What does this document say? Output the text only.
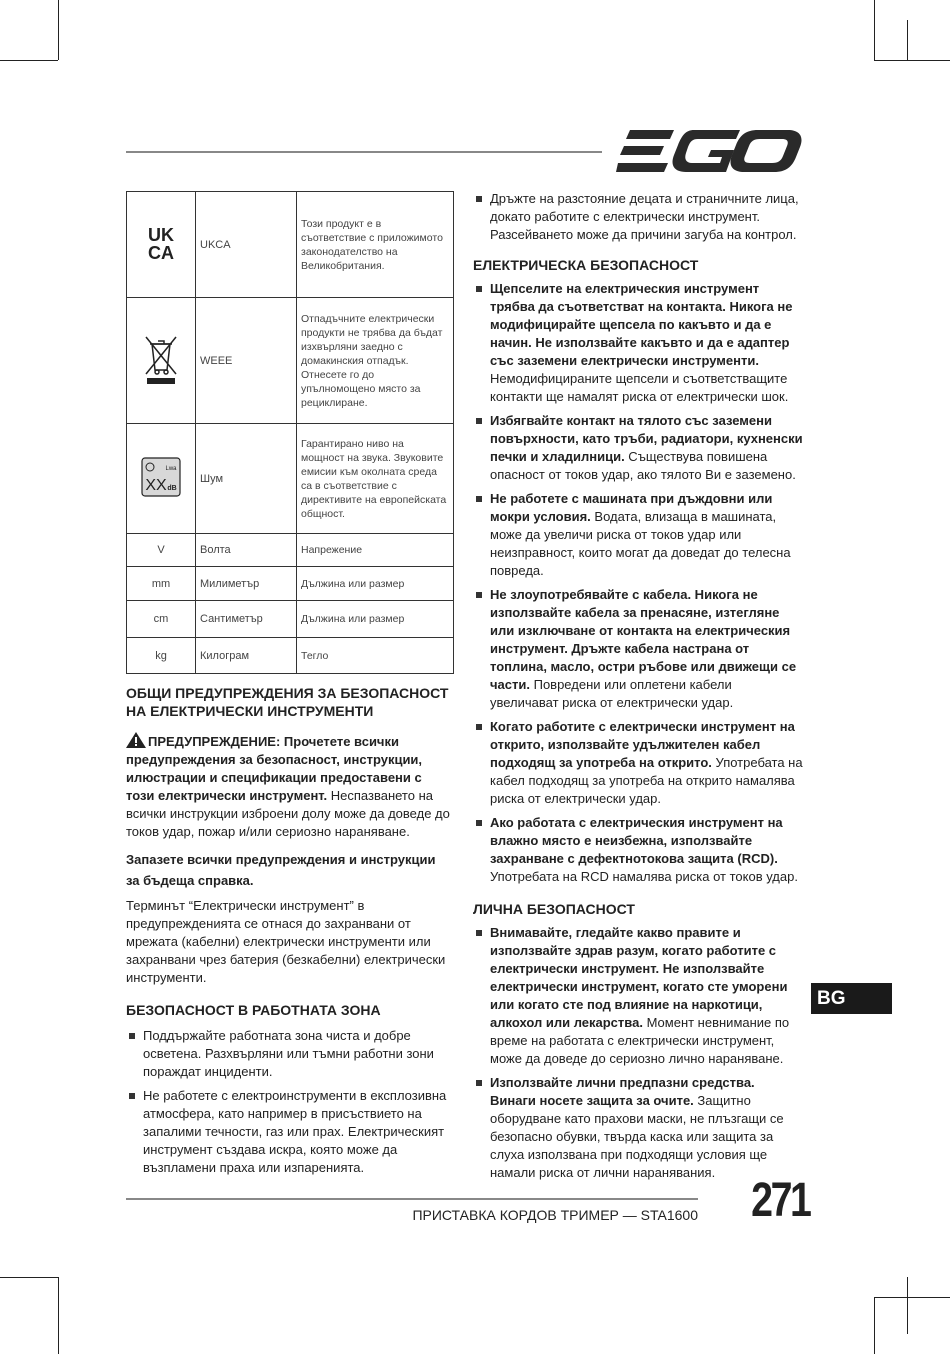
UK
CA	UKCA	Този продукт е в съответствие с приложимото законодателство на Великобритания.
	WEEE	Отпадъчните електрически продукти не трябва да бъдат изхвърляни заедно с домакинския отпадък. Отнесете го до упълномощено място за рециклиране.

Lwa
XX dB	Шум	Гарантирано ниво на мощност на звука. Звуковите емисии към околната среда са в съответствие с директивите на европейската общност.
V	Волта	Напрежение
mm	Милиметър	Дължина или размер
cm	Сантиметър	Дължина или размер
kg	Килограм	Тегло

ОБЩИ ПРЕДУПРЕЖДЕНИЯ ЗА БЕЗОПАСНОСТ НА ЕЛЕКТРИЧЕСКИ ИНСТРУМЕНТИ

ПРЕДУПРЕЖДЕНИЕ: Прочетете всички предупреждения за безопасност, инструкции, илюстрации и спецификации предоставени с този електрически инструмент. Неспазването на всички инструкции изброени долу може да доведе до токов удар, пожар и/или сериозно нараняване.

Запазете всички предупреждения и инструкции за бъдеща справка.

Терминът “Електрически инструмент” в предупрежденията се отнася до захранвани от мрежата (кабелни) електрически инструменти или захранвани чрез батерия (безкабелни) електрически инструменти.

БЕЗОПАСНОСТ В РАБОТНАТА ЗОНА

Поддържайте работната зона чиста и добре осветена. Разхвърляни или тъмни работни зони пораждат инциденти.
Не работете с електроинструменти в експлозивна атмосфера, като например в присъствието на запалими течности, газ или прах. Електрическият инструмент създава искра, която може да възпламени праха или изпаренията.
Дръжте на разстояние децата и страничните лица, докато работите с електрически инструмент. Разсейването може да причини загуба на контрол.

ЕЛЕКТРИЧЕСКА БЕЗОПАСНОСТ

Щепселите на електрическия инструмент трябва да съответстват на контакта. Никога не модифицирайте щепсела по какъвто и да е начин. Не използвайте какъвто и да е адаптер със заземени електрически инструменти. Немодифицираните щепсели и съответстващите контакти ще намалят риска от електрически шок.
Избягвайте контакт на тялото със заземени повърхности, като тръби, радиатори, кухненски печки и хладилници. Съществува повишена опасност от токов удар, ако тялото Ви е заземено.
Не работете с машината при дъждовни или мокри условия. Водата, влизаща в машината, може да увеличи риска от токов удар или неизправност, които могат да доведат до телесна повреда.
Не злоупотребявайте с кабела. Никога не използвайте кабела за пренасяне, изтегляне или изключване от контакта на електрическия инструмент. Дръжте кабела настрана от топлина, масло, остри ръбове или движещи се части. Повредени или оплетени кабели увеличават риска от електрически удар.
Когато работите с електрически инструмент на открито, използвайте удължителен кабел подходящ за употреба на открито. Употребата на кабел подходящ за употреба на открито намалява риска от електрически удар.
Ако работата с електрическия инструмент на влажно място е неизбежна, използвайте захранване с дефектнотокова защита (RCD). Употребата на RCD намалява риска от токов удар.

ЛИЧНА БЕЗОПАСНОСТ

Внимавайте, гледайте какво правите и използвайте здрав разум, когато работите с електрически инструмент. Не използвайте електрически инструмент, когато сте уморени или когато сте под влияние на наркотици, алкохол или лекарства. Момент невнимание по време на работата с електрически инструмент, може да доведе до сериозно лично нараняване.
Използвайте лични предпазни средства. Винаги носете защита за очите. Защитно оборудване като прахови маски, не плъзгащи се безопасно обувки, твърда каска или защита за слуха използвана при подходящи условия ще намали риска от лични наранявания.
BG
ПРИСТАВКА КОРДОВ ТРИМЕР — STA1600 271
